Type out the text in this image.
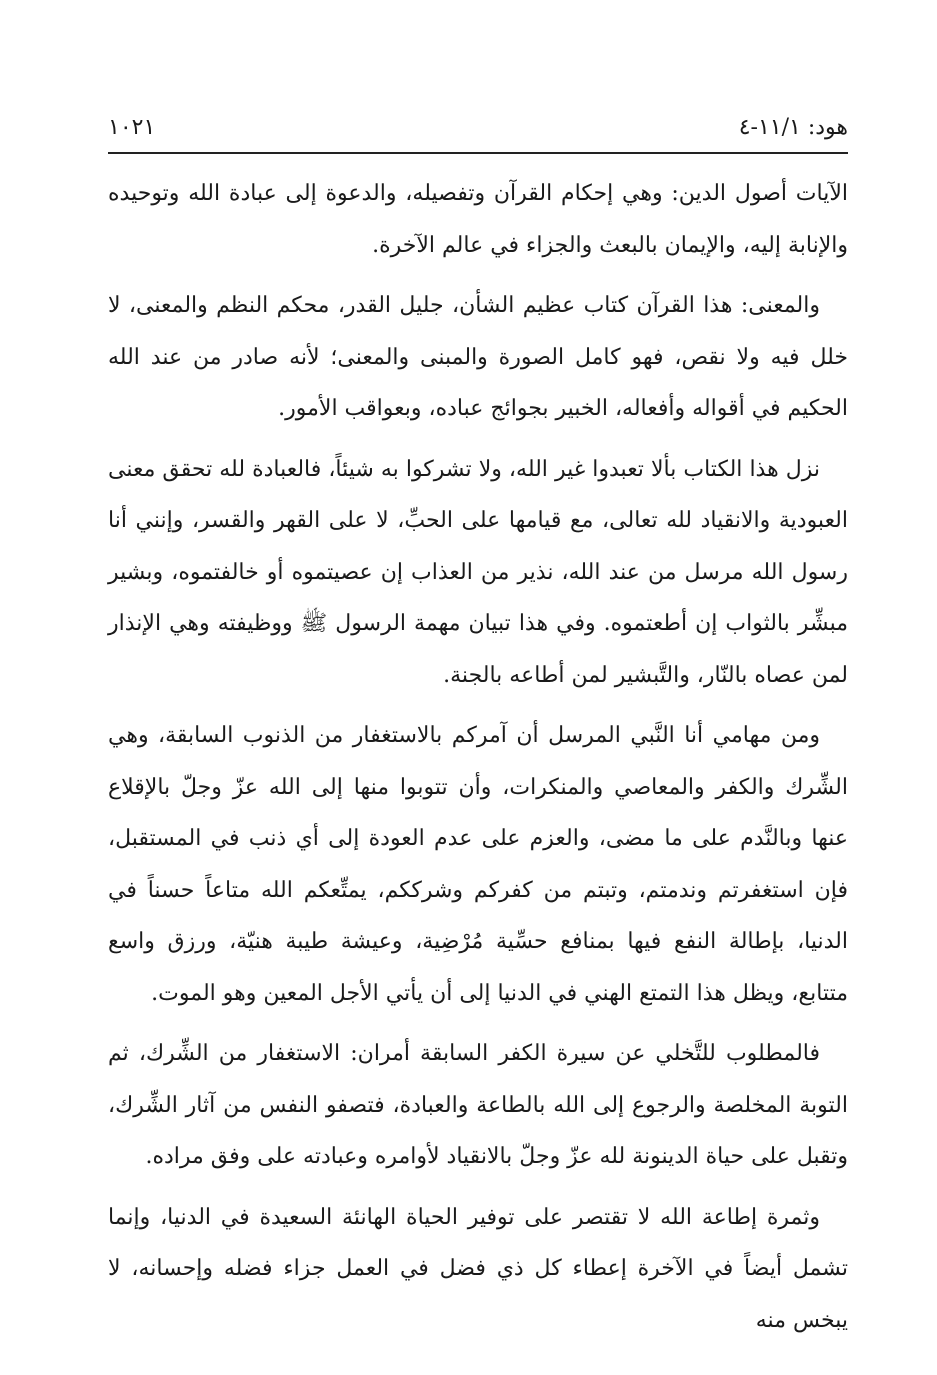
هود: ١١/١-٤
١٠٢١

الآيات أصول الدين: وهي إحكام القرآن وتفصيله، والدعوة إلى عبادة الله وتوحيده والإنابة إليه، والإيمان بالبعث والجزاء في عالم الآخرة.

والمعنى: هذا القرآن كتاب عظيم الشأن، جليل القدر، محكم النظم والمعنى، لا خلل فيه ولا نقص، فهو كامل الصورة والمبنى والمعنى؛ لأنه صادر من عند الله الحكيم في أقواله وأفعاله، الخبير بجوائج عباده، وبعواقب الأمور.

نزل هذا الكتاب بألا تعبدوا غير الله، ولا تشركوا به شيئاً، فالعبادة لله تحقق معنى العبودية والانقياد لله تعالى، مع قيامها على الحبِّ، لا على القهر والقسر، وإنني أنا رسول الله مرسل من عند الله، نذير من العذاب إن عصيتموه أو خالفتموه، وبشير مبشِّر بالثواب إن أطعتموه. وفي هذا تبيان مهمة الرسول ﷺ ووظيفته وهي الإنذار لمن عصاه بالنّار، والتَّبشير لمن أطاعه بالجنة.

ومن مهامي أنا النَّبي المرسل أن آمركم بالاستغفار من الذنوب السابقة، وهي الشِّرك والكفر والمعاصي والمنكرات، وأن تتوبوا منها إلى الله عزّ وجلّ بالإقلاع عنها وبالنَّدم على ما مضى، والعزم على عدم العودة إلى أي ذنب في المستقبل، فإن استغفرتم وندمتم، وتبتم من كفركم وشرككم، يمتِّعكم الله متاعاً حسناً في الدنيا، بإطالة النفع فيها بمنافع حسِّية مُرْضِية، وعيشة طيبة هنيّة، ورزق واسع متتابع، ويظل هذا التمتع الهني في الدنيا إلى أن يأتي الأجل المعين وهو الموت.

فالمطلوب للتَّخلي عن سيرة الكفر السابقة أمران: الاستغفار من الشِّرك، ثم التوبة المخلصة والرجوع إلى الله بالطاعة والعبادة، فتصفو النفس من آثار الشِّرك، وتقبل على حياة الدينونة لله عزّ وجلّ بالانقياد لأوامره وعبادته على وفق مراده.

وثمرة إطاعة الله لا تقتصر على توفير الحياة الهانئة السعيدة في الدنيا، وإنما تشمل أيضاً في الآخرة إعطاء كل ذي فضل في العمل جزاء فضله وإحسانه، لا يبخس منه
